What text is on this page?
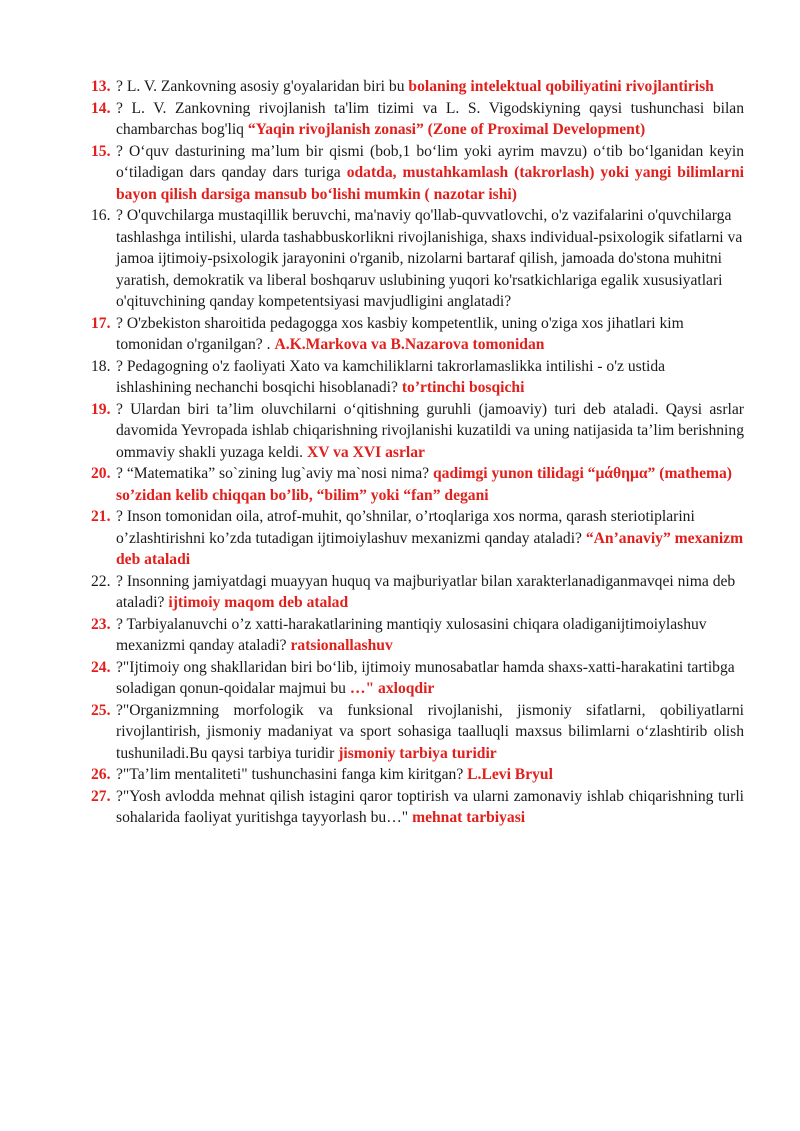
13. ? L. V. Zankovning asosiy g'oyalaridan biri bu bolaning intelektual qobiliyatini rivojlantirish

14. ? L. V. Zankovning rivojlanish ta'lim tizimi va L. S. Vigodskiyning qaysi tushunchasi bilan chambarchas bog'liq “Yaqin rivojlanish zonasi” (Zone of Proximal Development)

15. ? O‘quv dasturining ma’lum bir qismi (bob,1 bo‘lim yoki ayrim mavzu) o‘tib bo‘lganidan keyin o‘tiladigan dars qanday dars turiga odatda, mustahkamlash (takrorlash) yoki yangi bilimlarni bayon qilish darsiga mansub bo‘lishi mumkin ( nazotar ishi)

16. ? O'quvchilarga mustaqillik beruvchi, ma'naviy qo'llab-quvvatlovchi, o'z vazifalarini o'quvchilarga tashlashga intilishi, ularda tashabbuskorlikni rivojlanishiga, shaxs individual-psixologik sifatlarni va jamoa ijtimoiy-psixologik jarayonini o'rganib, nizolarni bartaraf qilish, jamoada do'stona muhitni yaratish, demokratik va liberal boshqaruv uslubining yuqori ko'rsatkichlariga egalik xususiyatlari o'qituvchining qanday kompetentsiyasi mavjudligini anglatadi?

17. ? O'zbekiston sharoitida pedagogga xos kasbiy kompetentlik, uning o'ziga xos jihatlari kim tomonidan o'rganilgan? . A.K.Markova va B.Nazarova tomonidan

18. ? Pedagogning o'z faoliyati Xato va kamchiliklarni takrorlamaslikka intilishi - o'z ustida ishlashining nechanchi bosqichi hisoblanadi? to’rtinchi bosqichi

19. ? Ulardan biri ta’lim oluvchilarni o‘qitishning guruhli (jamoaviy) turi deb ataladi. Qaysi asrlar davomida Yevropada ishlab chiqarishning rivojlanishi kuzatildi va uning natijasida ta’lim berishning ommaviy shakli yuzaga keldi. XV va XVI asrlar

20. ? “Matematika” so`zining lug`aviy ma`nosi nima? qadimgi yunon tilidagi “μάθημα” (mathema) so’zidan kelib chiqqan bo’lib, “bilim” yoki “fan” degani

21. ? Inson tomonidan oila, atrof-muhit, qo’shnilar, o’rtoqlariga xos norma, qarash steriotiplarini o’zlashtirishni ko’zda tutadigan ijtimoiylashuv mexanizmi qanday ataladi? “An’anaviy” mexanizm deb ataladi

22. ? Insonning jamiyatdagi muayyan huquq va majburiyatlar bilan xarakterlanadiganmavqei nima deb ataladi? ijtimoiy maqom deb atalad

23. ? Tarbiyalanuvchi o’z xatti-harakatlarining mantiqiy xulosasini chiqara oladiganijtimoiylashuv mexanizmi qanday ataladi? ratsionallashuv

24. ?"Ijtimoiy ong shakllaridan biri bo‘lib, ijtimoiy munosabatlar hamda shaxs-xatti-harakatini tartibga soladigan qonun-qoidalar majmui bu …" axloqdir

25. ?"Organizmning morfologik va funksional rivojlanishi, jismoniy sifatlarni, qobiliyatlarni rivojlantirish, jismoniy madaniyat va sport sohasiga taalluqli maxsus bilimlarni o‘zlashtirib olish tushuniladi.Bu qaysi tarbiya turidir jismoniy tarbiya turidir

26. ?"Ta’lim mentaliteti" tushunchasini fanga kim kiritgan? L.Levi Bryul

27. ?"Yosh avlodda mehnat qilish istagini qaror toptirish va ularni zamonaviy ishlab chiqarishning turli sohalarida faoliyat yuritishga tayyorlash bu…" mehnat tarbiyasi
